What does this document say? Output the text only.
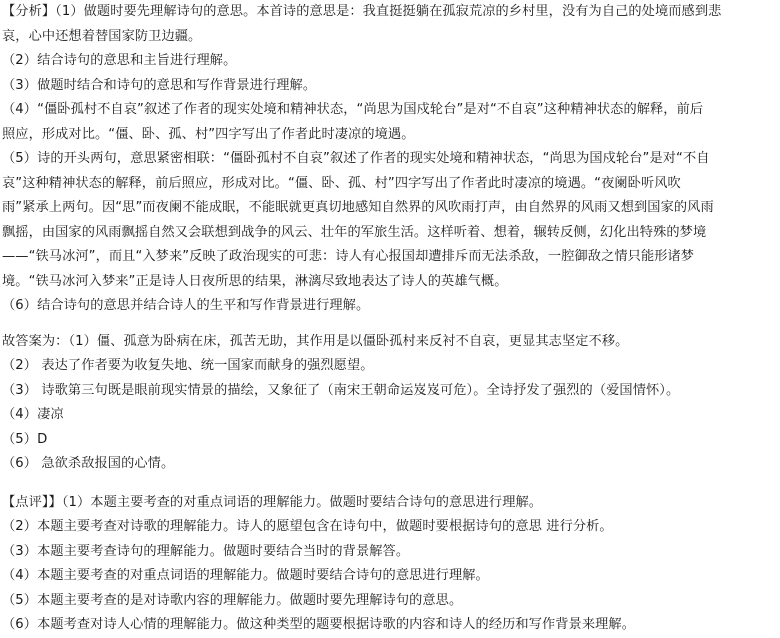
【分析】（1）做题时要先理解诗句的意思。本首诗的意思是：我直挺挺躺在孤寂荒凉的乡村里，没有为自己的处境而感到悲
哀，心中还想着替国家防卫边疆。
（2）结合诗句的意思和主旨进行理解。
（3）做题时结合和诗句的意思和写作背景进行理解。
（4）“僵卧孤村不自哀”叙述了作者的现实处境和精神状态，“尚思为国戍轮台”是对“不自哀”这种精神状态的解释，前后
照应，形成对比。“僵、卧、孤、村”四字写出了作者此时凄凉的境遇。
（5）诗的开头两句，意思紧密相联：“僵卧孤村不自哀”叙述了作者的现实处境和精神状态，“尚思为国戍轮台”是对“不自
哀”这种精神状态的解释，前后照应，形成对比。“僵、卧、孤、村”四字写出了作者此时凄凉的境遇。“夜阑卧听风吹
雨”紧承上两句。因“思”而夜阑不能成眠，不能眠就更真切地感知自然界的风吹雨打声，由自然界的风雨又想到国家的风雨
飘摇，由国家的风雨飘摇自然又会联想到战争的风云、壮年的军旅生活。这样听着、想着，辗转反侧，幻化出特殊的梦境
——“铁马冰河”，而且“入梦来”反映了政治现实的可悲：诗人有心报国却遭排斥而无法杀敌，一腔御敌之情只能形诸梦
境。“铁马冰河入梦来”正是诗人日夜所思的结果，淋漓尽致地表达了诗人的英雄气概。
（6）结合诗句的意思并结合诗人的生平和写作背景进行理解。
故答案为：（1）僵、孤意为卧病在床，孤苦无助，其作用是以僵卧孤村来反衬不自哀，更显其志坚定不移。
（2） 表达了作者要为收复失地、统一国家而献身的强烈愿望。
（3） 诗歌第三句既是眼前现实情景的描绘，又象征了（南宋王朝命运岌岌可危）。全诗抒发了强烈的（爱国情怀）。
（4）凄凉
（5）D
（6） 急欲杀敌报国的心情。
【点评】】（1）本题主要考查的对重点词语的理解能力。做题时要结合诗句的意思进行理解。
（2）本题主要考查对诗歌的理解能力。诗人的愿望包含在诗句中，做题时要根据诗句的意思 进行分析。
（3）本题主要考查诗句的理解能力。做题时要结合当时的背景解答。
（4）本题主要考查的对重点词语的理解能力。做题时要结合诗句的意思进行理解。
（5）本题主要考查的是对诗歌内容的理解能力。做题时要先理解诗句的意思。
（6）本题考查对诗人心情的理解能力。做这种类型的题要根据诗歌的内容和诗人的经历和写作背景来理解。
